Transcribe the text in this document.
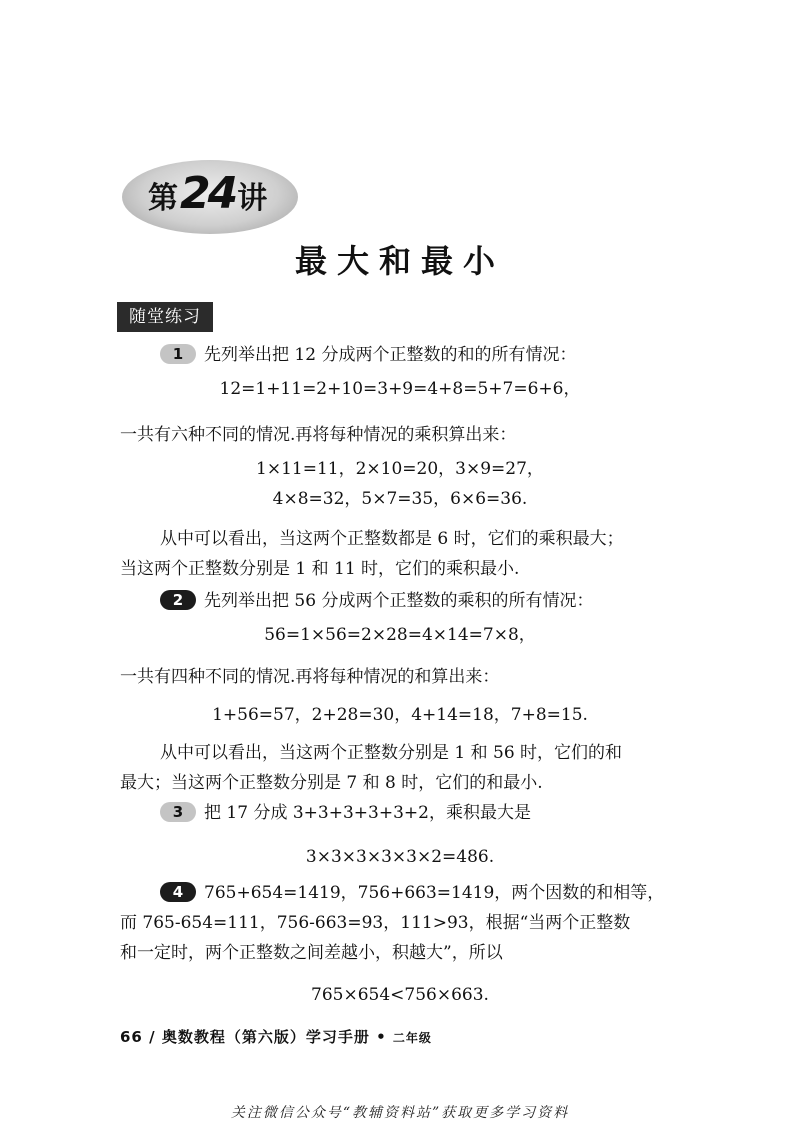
第24讲
最大和最小
随堂练习
1 先列举出把 12 分成两个正整数的和的所有情况：
12=1+11=2+10=3+9=4+8=5+7=6+6，
一共有六种不同的情况.再将每种情况的乘积算出来：
1×11=11，2×10=20，3×9=27，
4×8=32，5×7=35，6×6=36.
从中可以看出，当这两个正整数都是 6 时，它们的乘积最大；
当这两个正整数分别是 1 和 11 时，它们的乘积最小.
2 先列举出把 56 分成两个正整数的乘积的所有情况：
56=1×56=2×28=4×14=7×8，
一共有四种不同的情况.再将每种情况的和算出来：
1+56=57，2+28=30，4+14=18，7+8=15.
从中可以看出，当这两个正整数分别是 1 和 56 时，它们的和
最大；当这两个正整数分别是 7 和 8 时，它们的和最小.
3 把 17 分成 3+3+3+3+3+2，乘积最大是
3×3×3×3×3×2=486.
4 765+654=1419，756+663=1419，两个因数的和相等，
而 765-654=111，756-663=93，111>93，根据“当两个正整数
和一定时，两个正整数之间差越小，积越大”，所以
765×654<756×663.
66 / 奥数教程（第六版）学习手册 • 二年级
关注微信公众号“教辅资料站”获取更多学习资料
